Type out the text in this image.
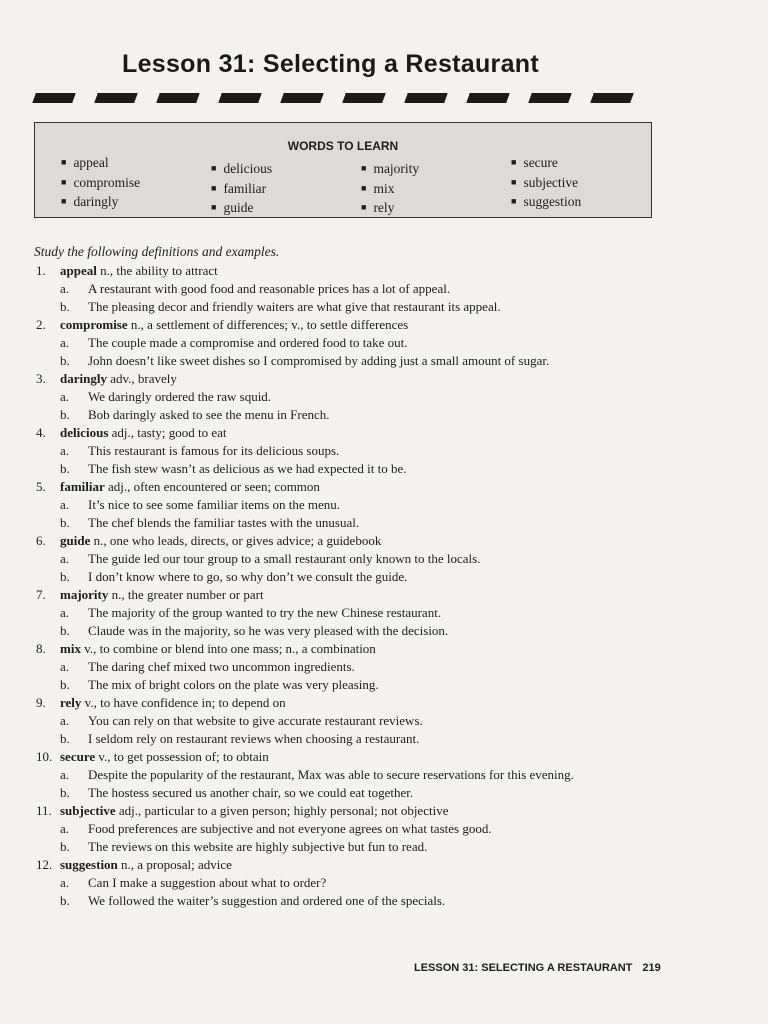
Lesson 31: Selecting a Restaurant
WORDS TO LEARN
■ appeal
■ compromise
■ daringly
■ delicious
■ familiar
■ guide
■ majority
■ mix
■ rely
■ secure
■ subjective
■ suggestion
Study the following definitions and examples.
1. appeal n., the ability to attract
a. A restaurant with good food and reasonable prices has a lot of appeal.
b. The pleasing decor and friendly waiters are what give that restaurant its appeal.
2. compromise n., a settlement of differences; v., to settle differences
a. The couple made a compromise and ordered food to take out.
b. John doesn’t like sweet dishes so I compromised by adding just a small amount of sugar.
3. daringly adv., bravely
a. We daringly ordered the raw squid.
b. Bob daringly asked to see the menu in French.
4. delicious adj., tasty; good to eat
a. This restaurant is famous for its delicious soups.
b. The fish stew wasn’t as delicious as we had expected it to be.
5. familiar adj., often encountered or seen; common
a. It’s nice to see some familiar items on the menu.
b. The chef blends the familiar tastes with the unusual.
6. guide n., one who leads, directs, or gives advice; a guidebook
a. The guide led our tour group to a small restaurant only known to the locals.
b. I don’t know where to go, so why don’t we consult the guide.
7. majority n., the greater number or part
a. The majority of the group wanted to try the new Chinese restaurant.
b. Claude was in the majority, so he was very pleased with the decision.
8. mix v., to combine or blend into one mass; n., a combination
a. The daring chef mixed two uncommon ingredients.
b. The mix of bright colors on the plate was very pleasing.
9. rely v., to have confidence in; to depend on
a. You can rely on that website to give accurate restaurant reviews.
b. I seldom rely on restaurant reviews when choosing a restaurant.
10. secure v., to get possession of; to obtain
a. Despite the popularity of the restaurant, Max was able to secure reservations for this evening.
b. The hostess secured us another chair, so we could eat together.
11. subjective adj., particular to a given person; highly personal; not objective
a. Food preferences are subjective and not everyone agrees on what tastes good.
b. The reviews on this website are highly subjective but fun to read.
12. suggestion n., a proposal; advice
a. Can I make a suggestion about what to order?
b. We followed the waiter’s suggestion and ordered one of the specials.
LESSON 31: SELECTING A RESTAURANT 219
